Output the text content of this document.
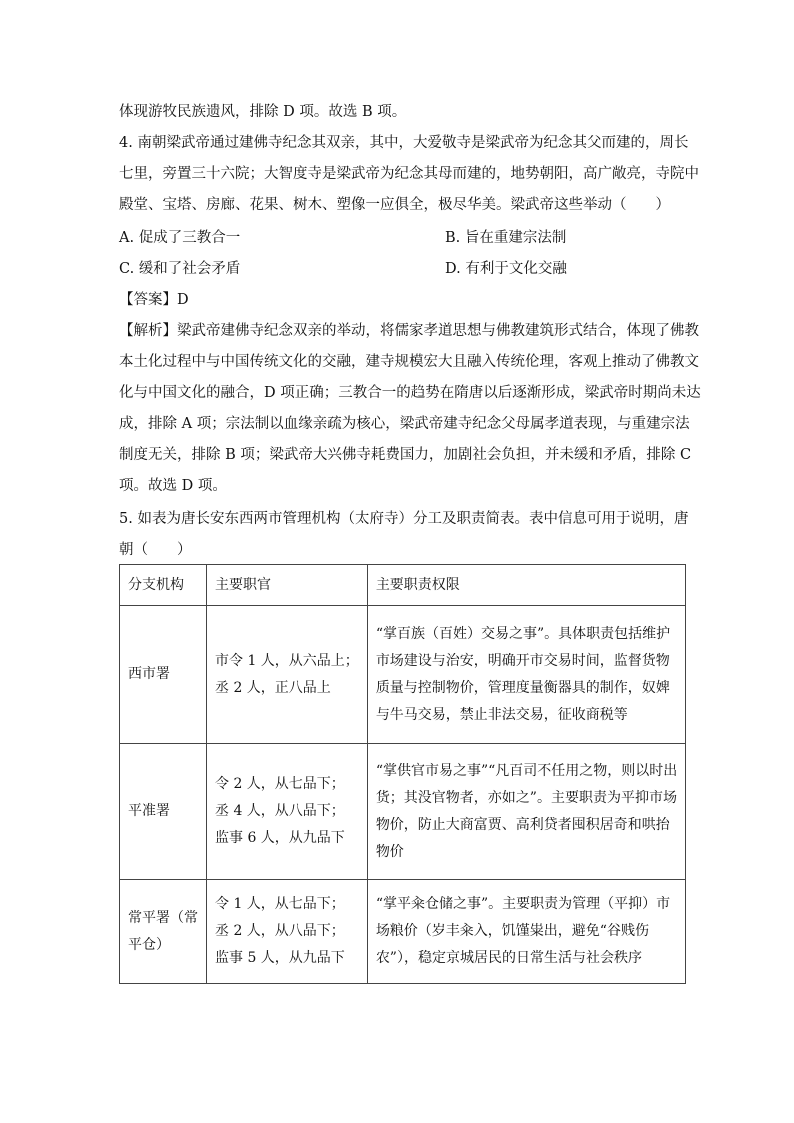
体现游牧民族遗风，排除 D 项。故选 B 项。
4. 南朝梁武帝通过建佛寺纪念其双亲，其中，大爱敬寺是梁武帝为纪念其父而建的，周长
七里，旁置三十六院；大智度寺是梁武帝为纪念其母而建的，地势朝阳，高广敞亮，寺院中
殿堂、宝塔、房廊、花果、树木、塑像一应俱全，极尽华美。梁武帝这些举动（　　）
A. 促成了三教合一	B. 旨在重建宗法制
C. 缓和了社会矛盾	D. 有利于文化交融
【答案】D
【解析】梁武帝建佛寺纪念双亲的举动，将儒家孝道思想与佛教建筑形式结合，体现了佛教
本土化过程中与中国传统文化的交融，建寺规模宏大且融入传统伦理，客观上推动了佛教文
化与中国文化的融合，D 项正确；三教合一的趋势在隋唐以后逐渐形成，梁武帝时期尚未达
成，排除 A 项；宗法制以血缘亲疏为核心，梁武帝建寺纪念父母属孝道表现，与重建宗法
制度无关，排除 B 项；梁武帝大兴佛寺耗费国力，加剧社会负担，并未缓和矛盾，排除 C
项。故选 D 项。
5. 如表为唐长安东西两市管理机构（太府寺）分工及职责简表。表中信息可用于说明，唐
朝（　　）
分支机构	主要职官	主要职责权限

西市署	市令 1 人，从六品上；
丞 2 人，正八品上	“掌百族（百姓）交易之事”。具体职责包括维护
市场建设与治安，明确开市交易时间，监督货物
质量与控制物价，管理度量衡器具的制作，奴婢
与牛马交易，禁止非法交易，征收商税等

平准署	令 2 人，从七品下；
丞 4 人，从八品下；
监事 6 人，从九品下	“掌供官市易之事”“凡百司不任用之物，则以时出
货；其没官物者，亦如之”。主要职责为平抑市场
物价，防止大商富贾、高利贷者囤积居奇和哄抬
物价

常平署（常
平仓）	令 1 人，从七品下；
丞 2 人，从八品下；
监事 5 人，从九品下	“掌平籴仓储之事”。主要职责为管理（平抑）市
场粮价（岁丰籴入，饥馑粜出，避免“谷贱伤
农”），稳定京城居民的日常生活与社会秩序
